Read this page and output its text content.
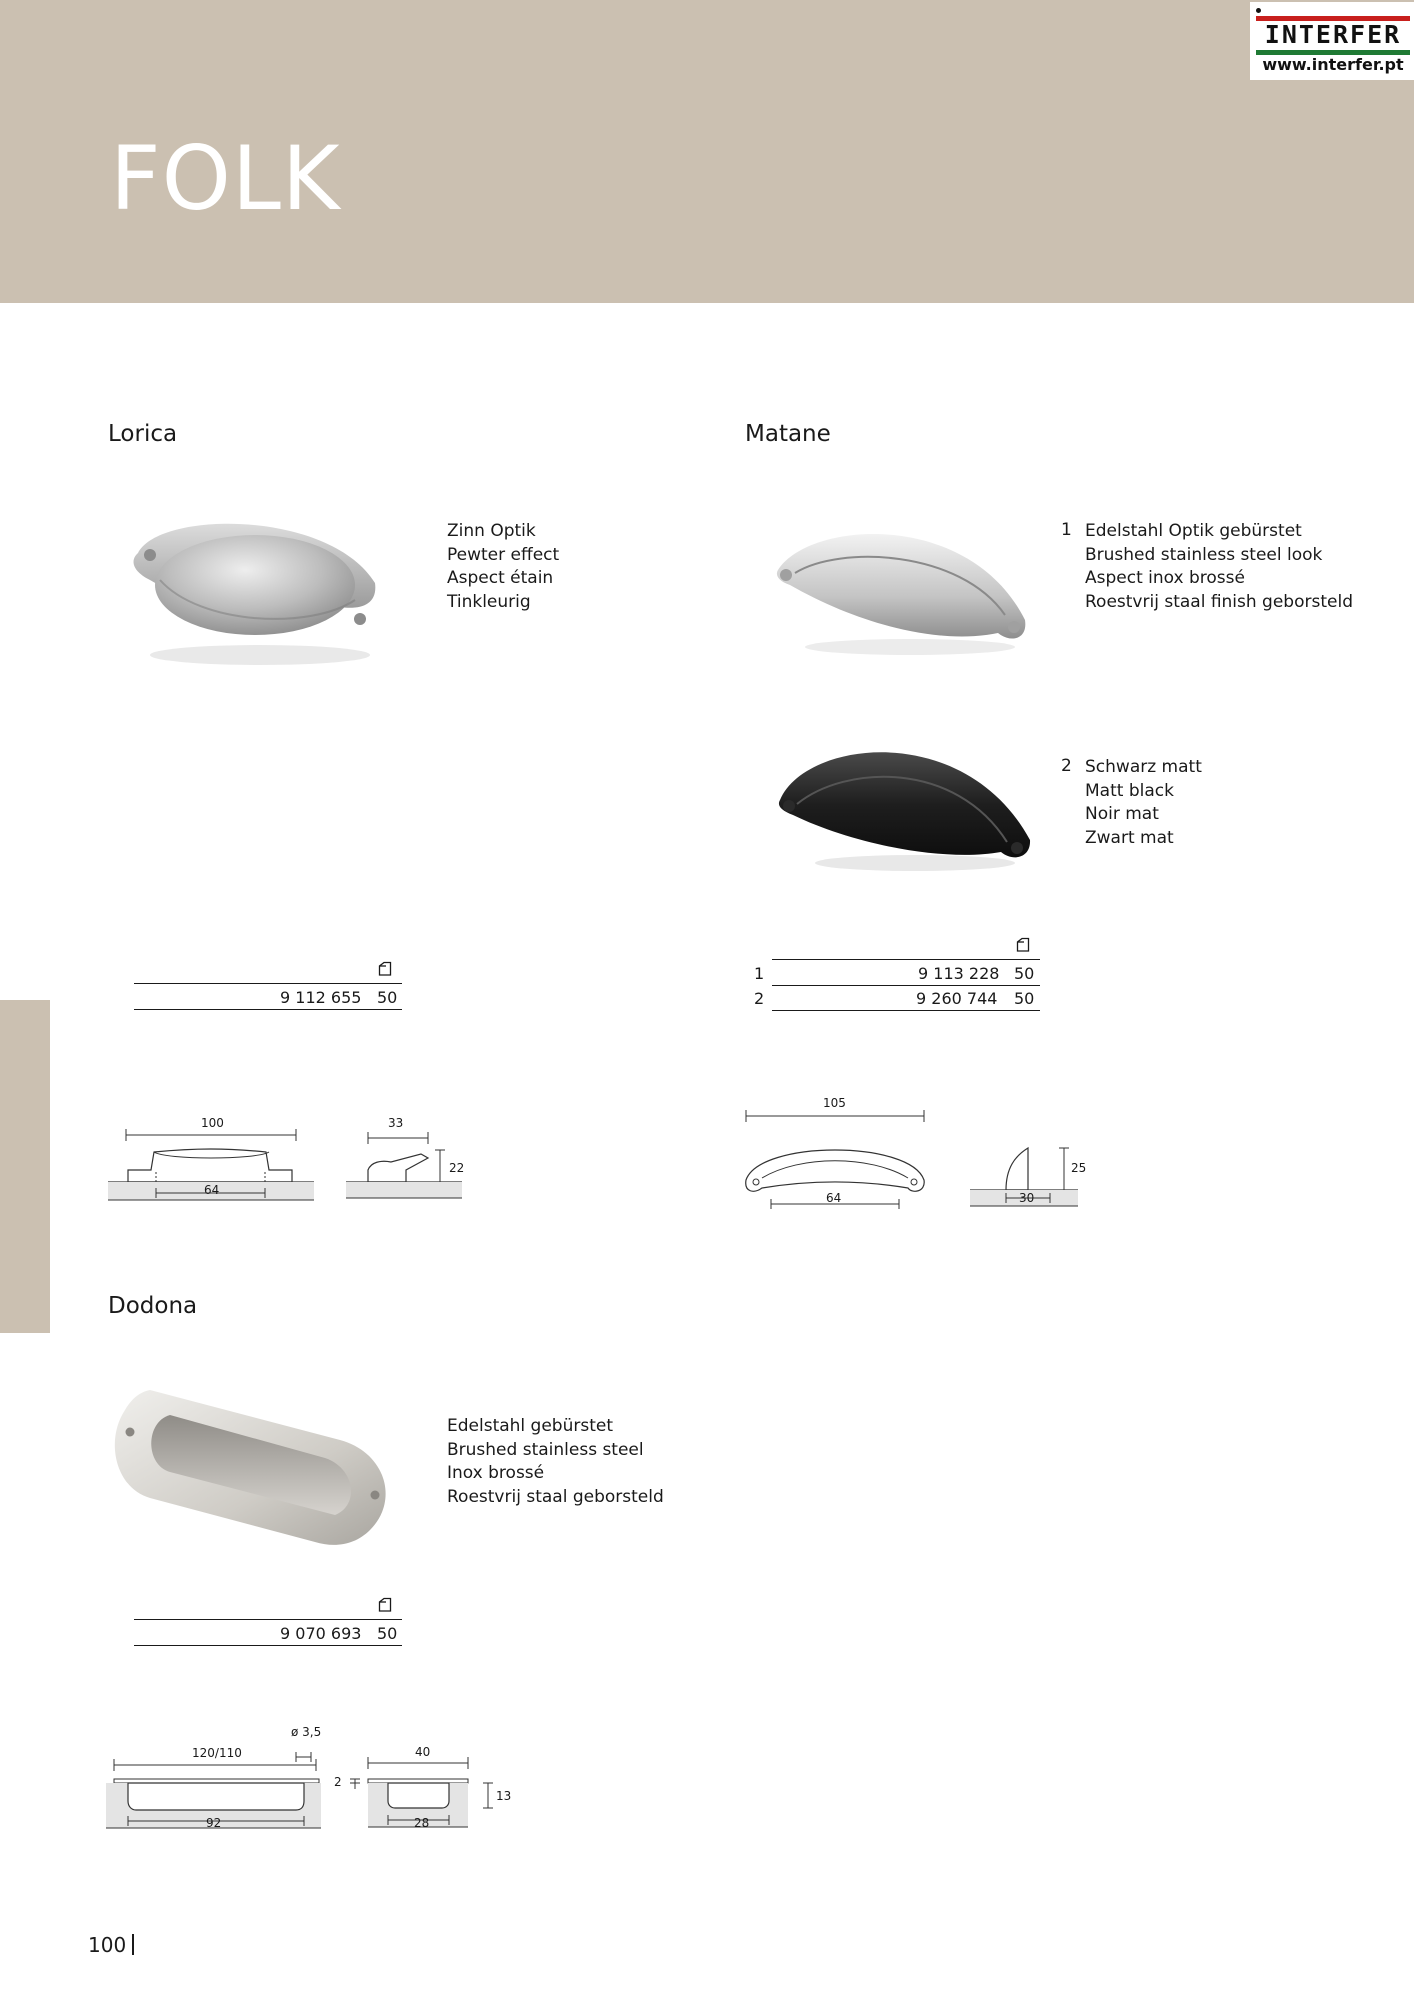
FOLK
INTERFER
www.interfer.pt
Lorica
Zinn Optik
Pewter effect
Aspect étain
Tinkleurig
9 112 655 50
100
64
33
22
Matane
1 Edelstahl Optik gebürstet
Brushed stainless steel look
Aspect inox brossé
Roestvrij staal finish geborsteld
2 Schwarz matt
Matt black
Noir mat
Zwart mat
1	9 113 228 50
2	9 260 744 50
105
64	30
25
Dodona
Edelstahl gebürstet
Brushed stainless steel
Inox brossé
Roestvrij staal geborsteld
9 070 693 50
120/110
ø 3,5
92
40
2
28
13
100
